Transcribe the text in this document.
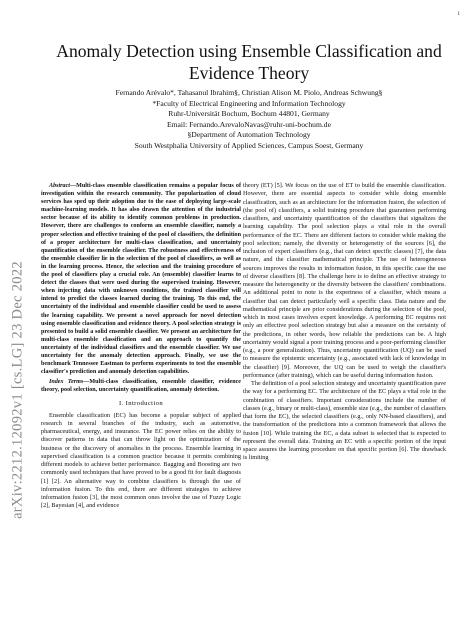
1
arXiv:2212.12092v1 [cs.LG] 23 Dec 2022
Anomaly Detection using Ensemble Classification and Evidence Theory
Fernando Arévalo*, Tahasanul Ibrahim§, Christian Alison M. Piolo, Andreas Schwung§
*Faculty of Electrical Engineering and Information Technology
Ruhr-Universität Bochum, Bochum 44801, Germany
Email: Fernando.ArevaloNavas@ruhr-uni-bochum.de
§Department of Automation Technology
South Westphalia University of Applied Sciences, Campus Soest, Germany

Abstract—Multi-class ensemble classification remains a popular focus of investigation within the research community. The popularization of cloud services has sped up their adoption due to the ease of deploying large-scale machine-learning models. It has also drawn the attention of the industrial sector because of its ability to identify common problems in production. However, there are challenges to conform an ensemble classifier, namely a proper selection and effective training of the pool of classifiers, the definition of a proper architecture for multi-class classification, and uncertainty quantification of the ensemble classifier. The robustness and effectiveness of the ensemble classifier lie in the selection of the pool of classifiers, as well as in the learning process. Hence, the selection and the training procedure of the pool of classifiers play a crucial role. An (ensemble) classifier learns to detect the classes that were used during the supervised training. However, when injecting data with unknown conditions, the trained classifier will intend to predict the classes learned during the training. To this end, the uncertainty of the individual and ensemble classifier could be used to assess the learning capability. We present a novel approach for novel detection using ensemble classification and evidence theory. A pool selection strategy is presented to build a solid ensemble classifier. We present an architecture for multi-class ensemble classification and an approach to quantify the uncertainty of the individual classifiers and the ensemble classifier. We use uncertainty for the anomaly detection approach. Finally, we use the benchmark Tennessee Eastman to perform experiments to test the ensemble classifier's prediction and anomaly detection capabilities.

Index Terms—Multi-class classification, ensemble classifier, evidence theory, pool selection, uncertainty quantification, anomaly detection.

I. Introduction

Ensemble classification (EC) has become a popular subject of applied research in several branches of the industry, such as automotive, pharmaceutical, energy, and insurance. The EC power relies on the ability to discover patterns in data that can throw light on the optimization of the business or the discovery of anomalies in the process. Ensemble learning in supervised classification is a common practice because it permits combining different models to achieve better performance. Bagging and Boosting are two commonly used techniques that have proved to be a good fit for fault diagnosis [1] [2]. An alternative way to combine classifiers is through the use of information fusion. To this end, there are different strategies to achieve information fusion [3], the most common ones involve the use of Fuzzy Logic [2], Bayesian [4], and evidence

theory (ET) [5]. We focus on the use of ET to build the ensemble classification. However, there are essential aspects to consider while doing ensemble classification, such as an architecture for the information fusion, the selection of (the pool of) classifiers, a solid training procedure that guarantees performing classifiers, and uncertainty quantification of the classifiers that signalizes the learning capability. The pool selection plays a vital role in the overall performance of the EC. There are different factors to consider while making the pool selection; namely, the diversity or heterogeneity of the sources [6], the inclusion of expert classifiers (e.g., that can detect specific classes) [7], the data nature, and the classifier mathematical principle. The use of heterogeneous sources improves the results in information fusion, in this specific case the use of diverse classifiers [8]. The challenge here is to define an effective strategy to measure the heterogeneity or the diversity between the classifiers' combinations. An additional point to note is the expertness of a classifier, which means a classifier that can detect particularly well a specific class. Data nature and the mathematical principle are prior considerations during the selection of the pool, which in most cases involves expert knowledge. A performing EC requires not only an effective pool selection strategy but also a measure on the certainty of the predictions, in other words, how reliable the predictions can be. A high uncertainty would signal a poor training process and a poor-performing classifier (e.g., a poor generalization). Thus, uncertainty quantification (UQ) can be used to measure the epistemic uncertainty (e.g., associated with lack of knowledge in the classifier) [9]. Moreover, the UQ can be used to weigh the classifier's performance (after training), which can be useful during information fusion.

The definition of a pool selection strategy and uncertainty quantification pave the way for a performing EC. The architecture of the EC plays a vital role in the combination of classifiers. Important considerations include the number of classes (e.g., binary or multi-class), ensemble size (e.g., the number of classifiers that form the EC), the selected classifiers (e.g., only NN-based classifiers), and the transformation of the predictions into a common framework that allows the fusion [10]. While training the EC, a data subset is selected that is expected to represent the overall data. Training an EC with a specific portion of the input space assures the learning procedure on that specific portion [6]. The drawback is limiting
